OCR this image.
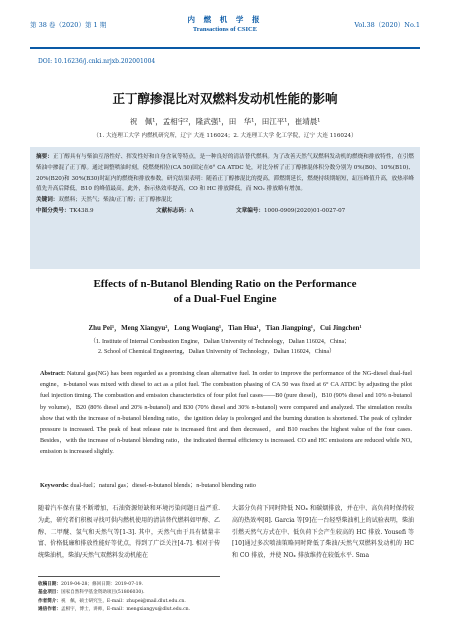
第 38 卷（2020）第 1 期
内 燃 机 学 报
Transactions of CSICE
Vol.38（2020）No.1
DOI: 10.16236/j.cnki.nrjxb.202001004
正丁醇掺混比对双燃料发动机性能的影响
祝　佩¹，孟相宇²，隆武强¹，田　华¹，田江平¹，崔靖晨¹
（1. 大连理工大学 内燃机研究所，辽宁 大连 116024；2. 大连理工大学 化工学院，辽宁 大连 116024）
摘要：正丁醇具有与柴油互溶性好、挥发性好和自身含氧等特点，是一种良好的清洁替代燃料。为了改善天然气双燃料发动机的燃烧和排放特性，在引燃柴油中掺混了正丁醇。通过调整喷油时刻，使燃烧相位(CA 50)固定在6° CA ATDC 处，对比分析了正丁醇掺混体积分数分别为 0%(B0)、10%(B10)、20%(B20)和 30%(B30)时缸内的燃烧和排放参数。研究结果表明：随着正丁醇掺混比的提高，滞燃期延长，燃烧持续期缩短，缸压峰值升高，放热率峰值先升高后降低，B10 的峰值最高。此外，指示热效率提高，CO 和 HC 排放降低，而 NOₓ 排放略有增加。
关键词：双燃料；天然气；柴油/正丁醇；正丁醇掺混比
中图分类号：TK438.9	文献标志码：A	文章编号：1000-0909(2020)01-0027-07
Effects of n-Butanol Blending Ratio on the Performance
of a Dual-Fuel Engine
Zhu Pei¹，Meng Xiangyu²，Long Wuqiang¹，Tian Hua¹，Tian Jiangping¹，Cui Jingchen¹
（1. Institute of Internal Combustion Engine，Dalian University of Technology，Dalian 116024，China；
2. School of Chemical Engineering，Dalian University of Technology，Dalian 116024，China）
Abstract: Natural gas(NG) has been regarded as a promising clean alternative fuel. In order to improve the performance of the NG-diesel dual-fuel engine，n-butanol was mixed with diesel to act as a pilot fuel. The combustion phasing of CA 50 was fixed at 6° CA ATDC by adjusting the pilot fuel injection timing. The combustion and emission characteristics of four pilot fuel cases——B0 (pure diesel)，B10 (90% diesel and 10% n-butanol by volume)，B20 (80% diesel and 20% n-butanol) and B30 (70% diesel and 30% n-butanol) were compared and analyzed. The simulation results show that with the increase of n-butanol blending ratio，the ignition delay is prolonged and the burning duration is shortened. The peak of cylinder pressure is increased. The peak of heat release rate is increased first and then decreased，and B10 reaches the highest value of the four cases. Besides，with the increase of n-butanol blending ratio，the indicated thermal efficiency is increased. CO and HC emissions are reduced while NOₓ emission is increased slightly.
Keywords: dual-fuel；natural gas；diesel-n-butanol blends；n-butanol blending ratio
随着汽车保有量不断增加，石油资源短缺和环境污染问题日益严重. 为此，研究者们积极寻找可供内燃机使用的清洁替代燃料如甲醇、乙醇、二甲醚、氢气和天然气等[1-3]. 其中，天然气由于具有储量丰富、价格低廉和排放性能好等优点，得到了广泛关注[4-7]. 相对于传统柴油机，柴油/天然气双燃料发动机能在
大部分负荷下同时降低 NOₓ 和碳烟排放，并在中、高负荷时保持较高的热效率[8]. Garcia 等[9]在一台轻型柴油机上的试验表明，柴油引燃天然气方式在中、低负荷下会产生较高的 HC 排放. Yousefi 等[10]通过多次喷油策略同时降低了柴油/天然气双燃料发动机的 HC 和 CO 排放，并使 NOₓ 排放维持在较低水平. Sma
收稿日期：2019-04-28；修回日期：2019-07-19.
基金项目：国家自然科学基金资助项目(51806030).
作者简介：祝　佩，硕士研究生，E-mail：zhupei@mail.dlut.edu.cn.
通信作者：孟相宇，博士，讲师，E-mail：mengxiangyu@dlut.edu.cn.
